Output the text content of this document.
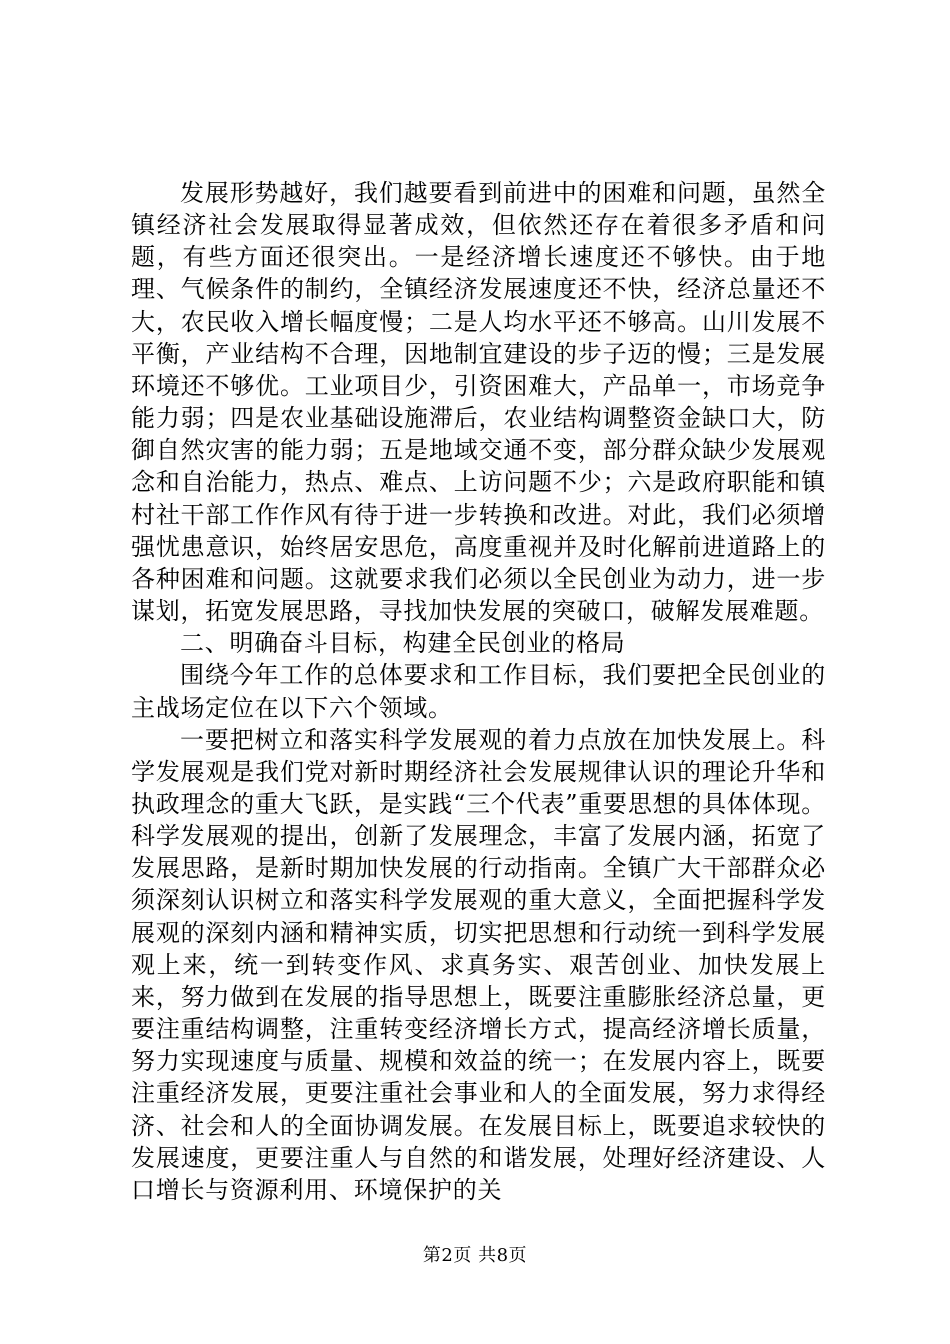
发展形势越好，我们越要看到前进中的困难和问题，虽然全镇经济社会发展取得显著成效，但依然还存在着很多矛盾和问题，有些方面还很突出。一是经济增长速度还不够快。由于地理、气候条件的制约，全镇经济发展速度还不快，经济总量还不大，农民收入增长幅度慢；二是人均水平还不够高。山川发展不平衡，产业结构不合理，因地制宜建设的步子迈的慢；三是发展环境还不够优。工业项目少，引资困难大，产品单一，市场竞争能力弱；四是农业基础设施滞后，农业结构调整资金缺口大，防御自然灾害的能力弱；五是地域交通不变，部分群众缺少发展观念和自治能力，热点、难点、上访问题不少；六是政府职能和镇村社干部工作作风有待于进一步转换和改进。对此，我们必须增强忧患意识，始终居安思危，高度重视并及时化解前进道路上的各种困难和问题。这就要求我们必须以全民创业为动力，进一步谋划，拓宽发展思路，寻找加快发展的突破口，破解发展难题。

二、明确奋斗目标，构建全民创业的格局

围绕今年工作的总体要求和工作目标，我们要把全民创业的主战场定位在以下六个领域。

一要把树立和落实科学发展观的着力点放在加快发展上。科学发展观是我们党对新时期经济社会发展规律认识的理论升华和执政理念的重大飞跃，是实践“三个代表”重要思想的具体体现。科学发展观的提出，创新了发展理念，丰富了发展内涵，拓宽了发展思路，是新时期加快发展的行动指南。全镇广大干部群众必须深刻认识树立和落实科学发展观的重大意义，全面把握科学发展观的深刻内涵和精神实质，切实把思想和行动统一到科学发展观上来，统一到转变作风、求真务实、艰苦创业、加快发展上来，努力做到在发展的指导思想上，既要注重膨胀经济总量，更要注重结构调整，注重转变经济增长方式，提高经济增长质量，努力实现速度与质量、规模和效益的统一；在发展内容上，既要注重经济发展，更要注重社会事业和人的全面发展，努力求得经济、社会和人的全面协调发展。在发展目标上，既要追求较快的发展速度，更要注重人与自然的和谐发展，处理好经济建设、人口增长与资源利用、环境保护的关

第2页 共8页
